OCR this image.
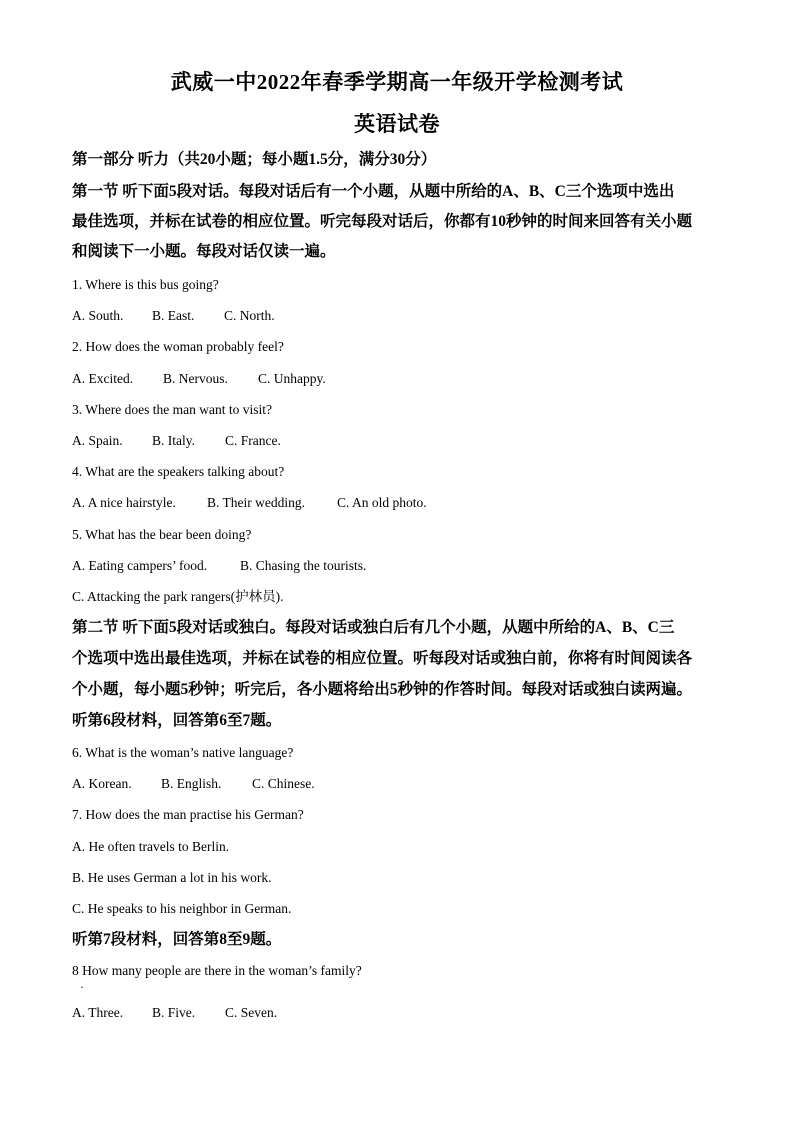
武威一中2022年春季学期高一年级开学检测考试
英语试卷
第一部分 听力（共20小题；每小题1.5分，满分30分）
第一节 听下面5段对话。每段对话后有一个小题，从题中所给的A、B、C三个选项中选出
最佳选项，并标在试卷的相应位置。听完每段对话后，你都有10秒钟的时间来回答有关小题
和阅读下一小题。每段对话仅读一遍。
1. Where is this bus going?
A. South. B. East. C. North.
2. How does the woman probably feel?
A. Excited. B. Nervous. C. Unhappy.
3. Where does the man want to visit?
A. Spain. B. Italy. C. France.
4. What are the speakers talking about?
A. A nice hairstyle. B. Their wedding. C. An old photo.
5. What has the bear been doing?
A. Eating campers’ food. B. Chasing the tourists.
C. Attacking the park rangers(护林员).
第二节 听下面5段对话或独白。每段对话或独白后有几个小题，从题中所给的A、B、C三
个选项中选出最佳选项，并标在试卷的相应位置。听每段对话或独白前，你将有时间阅读各
个小题，每小题5秒钟；听完后，各小题将给出5秒钟的作答时间。每段对话或独白读两遍。
听第6段材料，回答第6至7题。
6. What is the woman’s native language?
A. Korean. B. English. C. Chinese.
7. How does the man practise his German?
A. He often travels to Berlin.
B. He uses German a lot in his work.
C. He speaks to his neighbor in German.
听第7段材料，回答第8至9题。
8 How many people are there in the woman’s family?
·
A. Three. B. Five. C. Seven.
